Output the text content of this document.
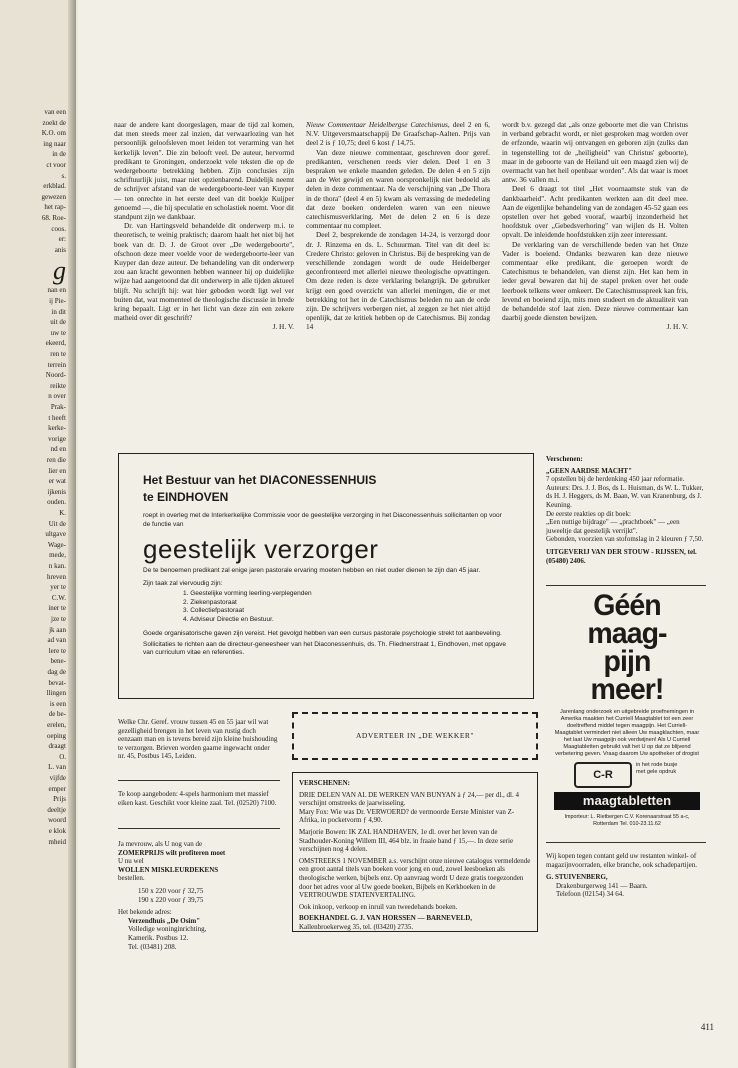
van een
zoekt de
K.O. om
ing naar
in de
ct voor
s.
erkblad.
gewezen
het rap-
68. Roe-
coos.
er:
anis
g
nan en
ij Pie-
in dit
uit de
uw te
ekeerd,
ren te
terrein
Noord-
reikte
n over
Prak-
t heeft
kerke-
vorige
nd en
ren die
lier en
er wat
ijkenis
ouden.
K.
Uit de
ultgave
Wage-
mede,
n kan.
hreven
yer te
C.W.
iner te
jze te
jk aan
ad van
lere te
bene-
dag de
bevat-
llingen
is een
de be-
erelen,
oeping
draagt
O.
L. van
vijfde
emper
Prijs
deeltje
woord
e klok
mheid

naar de andere kant doorgeslagen, maar de tijd zal komen, dat men steeds meer zal inzien, dat verwaarlozing van het persoonlijk geloofsleven moet leiden tot verarming van het kerkelijk leven". Die zin belooft veel. De auteur, hervormd predikant te Groningen, onderzoekt vele teksten die op de wedergeboorte betrekking hebben. Zijn conclusies zijn schriftuurlijk juist, maar niet opzienbarend. Duidelijk neemt de schrijver afstand van de wedergeboorte-leer van Kuyper — ten onrechte in het eerste deel van dit boekje Kuijper genoemd —, die hij speculatie en scholastiek noemt. Voor dit standpunt zijn we dankbaar.

Dr. van Hartingsveld behandelde dit onderwerp m.i. te theoretisch, te weinig praktisch; daarom haalt het niet bij het boek van dr. D. J. de Groot over „De wedergeboorte", ofschoon deze meer voelde voor de wedergeboorte-leer van Kuyper dan deze auteur. De behandeling van dit onderwerp zou aan kracht gewonnen hebben wanneer hij op duidelijke wijze had aangetoond dat dit onderwerp in alle tijden aktueel blijft. Nu schrijft hij: wat hier geboden wordt ligt wel ver buiten dat, wat momenteel de theologische discussie in brede kring bepaalt. Ligt er in het licht van deze zin een zekere matheid over dit geschrift?

J. H. V.

Nieuw Commentaar Heidelbergse Catechismus, deel 2 en 6, N.V. Uitgeversmaatschappij De Graafschap-Aalten. Prijs van deel 2 is ƒ 10,75; deel 6 kost ƒ 14,75.

Van deze nieuwe commentaar, geschreven door geref. predikanten, verschenen reeds vier delen. Deel 1 en 3 bespraken we enkele maanden geleden. De delen 4 en 5 zijn aan de Wet gewijd en waren oorspronkelijk niet bedoeld als delen in deze commentaar. Na de verschijning van „De Thora in de thora" (deel 4 en 5) kwam als verrassing de mededeling dat deze boeken onderdelen waren van een nieuwe catechismusverklaring. Met de delen 2 en 6 is deze commentaar nu compleet.

Deel 2, besprekende de zondagen 14-24, is verzorgd door dr. J. Rinzema en ds. L. Schuurman. Titel van dit deel is: Credere Christo: geloven in Christus. Bij de bespreking van de verschillende zondagen wordt de oude Heidelberger geconfronteerd met allerlei nieuwe theologische opvattingen. Om deze reden is deze verklaring belangrijk. De gebruiker krijgt een goed overzicht van allerlei meningen, die er met betrekking tot het in de Catechismus beleden nu aan de orde zijn. De schrijvers verbergen niet, al zeggen ze het niet altijd openlijk, dat ze kritiek hebben op de Catechismus. Bij zondag 14

wordt b.v. gezegd dat „als onze geboorte met die van Christus in verband gebracht wordt, er niet gesproken mag worden over de erfzonde, waarin wij ontvangen en geboren zijn (zulks dan in tegenstelling tot de „heiligheid" van Christus' geboorte), maar in de geboorte van de Heiland uit een maagd zien wij de overmacht van het heil openbaar worden". Als dat waar is moet antw. 36 vallen m.i.

Deel 6 draagt tot titel „Het voornaamste stuk van de dankbaarheid". Acht predikanten werkten aan dit deel mee. Aan de eigenlijke behandeling van de zondagen 45-52 gaan ees opstellen over het gebed vooraf, waarbij inzonderheid het hoofdstuk over „Gebedsverhoring" van wijlen ds H. Volten opvalt. De inleidende hoofdstukken zijn zeer interessant.

De verklaring van de verschillende beden van het Onze Vader is boeiend. Ondanks bezwaren kan deze nieuwe commentaar elke predikant, die geroepen wordt de Catechismus te behandelen, van dienst zijn. Het kan hem in ieder geval bewaren dat hij de stapel preken over het oude leerboek telkens weer omkeert. De Catechismusspreek kan fris, levend en boeiend zijn, mits men studeert en de aktualiteit van de behandelde stof laat zien. Deze nieuwe commentaar kan daarbij goede diensten bewijzen.

J. H. V.

Het Bestuur van het DIACONESSENHUIS
te EINDHOVEN
roept in overleg met de Interkerkelijke Commissie voor de geestelijke verzorging in het Diaconessenhuis sollicitanten op voor de functie van
geestelijk verzorger
De te benoemen predikant zal enige jaren pastorale ervaring moeten hebben en niet ouder dienen te zijn dan 45 jaar.
Zijn taak zal viervoudig zijn:
1. Geestelijke vorming leerling-verplegenden
2. Ziekenpastoraat
3. Collectiefpastoraat
4. Adviseur Directie en Bestuur.
Goede organisatorische gaven zijn vereist. Het gevolgd hebben van een cursus pastorale psychologie strekt tot aanbeveling.
Sollicitaties te richten aan de directeur-geneesheer van het Diaconessenhuis, ds. Th. Fliednerstraat 1, Eindhoven, met opgave van curriculum vitae en referenties.
Verschenen:
„GEEN AARDSE MACHT"
7 opstellen bij de herdenking 450 jaar reformatie.
Auteurs: Drs. J. J. Bos, ds L. Huisman, ds W. L. Tukker, ds H. J. Heggers, ds M. Baan, W. van Kranenburg, ds J. Keuning.
De eerste reakties op dit boek:
„Een nuttige bijdrage" — „prachtboek" — „een juweeltje dat geestelijk verrijkt".
Gebonden, voorzien van stofomslag in 2 kleuren ƒ 7,50.
UITGEVERIJ VAN DER STOUW - RIJSSEN, tel. (05480) 2406.
Géén
maag-
pijn
meer!
Jarenlang onderzoek en uitgebreide proefnemingen in Amerika maakten het Curriell Maagtablet tot een zeer doeltreffend middel tegen maagpijn. Het Curriell-Maagtablet vermindert niet alleen Uw maagklachten, maar het laat Uw maagpijn ook verdwijnen! Als U Curriell Maagtabletten gebruikt valt het U op dat ze blijvend verbetering geven. Vraag daarom Uw apotheker of drogist
C-R
in het rode busje met gele opdruk
maagtabletten
Importeur: L. Rietbergen C.V. Korenaarstraat 55 a-c, Rotterdam Tel. 010-23.11.62
Welke Chr. Geref. vrouw tussen 45 en 55 jaar wil wat gezelligheid brengen in het leven van rustig doch eenzaam man en is tevens bereid zijn kleine huishouding te verzorgen. Brieven worden gaarne ingewacht onder nr. 45, Postbus 145, Leiden.
Te koop aangeboden: 4-spels harmonium met massief eiken kast. Geschikt voor kleine zaal. Tel. (02520) 7100.
Ja mevrouw, als U nog van de
ZOMERPRIJS wilt profiteren moet
U nu wel
WOLLEN MISKLEURDEKENS
bestellen.
150 x 220 voor ƒ 32,75
190 x 220 voor ƒ 39,75
Het bekende adres:
Verzendhuis „De Osim"
Volledige woninginrichting,
Kamerik. Postbus 12.
Tel. (03481) 208.
ADVERTEER IN „DE WEKKER"
VERSCHENEN:
DRIE DELEN VAN AL DE WERKEN VAN BUNYAN à ƒ 24,— per dl., dl. 4 verschijnt omstreeks de jaarwisseling.
Mary Fox: Wie was Dr. VERWOERD? de vermoorde Eerste Minister van Z-Afrika, in pocketvorm ƒ 4,90.
Marjorie Bowen: IK ZAL HANDHAVEN, 1e dl. over het leven van de Stadhouder-Koning Willem III, 464 blz. in fraaie band ƒ 15,—. In deze serie verschijnen nog 4 delen.
OMSTREEKS 1 NOVEMBER a.s. verschijnt onze nieuwe catalogus vermeldende een groot aantal titels van boeken voor jong en oud, zowel leesboeken als theologische werken, bijbels enz. Op aanvraag wordt U deze gratis toegezonden door het adres voor al Uw goede boeken, Bijbels en Kerkboeken in de VERTROUWDE STATENVERTALING.
Ook inkoop, verkoop en inruil van tweedehands boeken.
BOEKHANDEL G. J. VAN HORSSEN — BARNEVELD,
Kallenbroekerweg 35, tel. (03420) 2735.
Wij kopen tegen contant geld uw restanten winkel- of magazijnvoorraden, elke branche, ook schadepartijen.
G. STUIVENBERG,
Drakenburgerweg 141 — Baarn.
Telefoon (02154) 34 64.
411
